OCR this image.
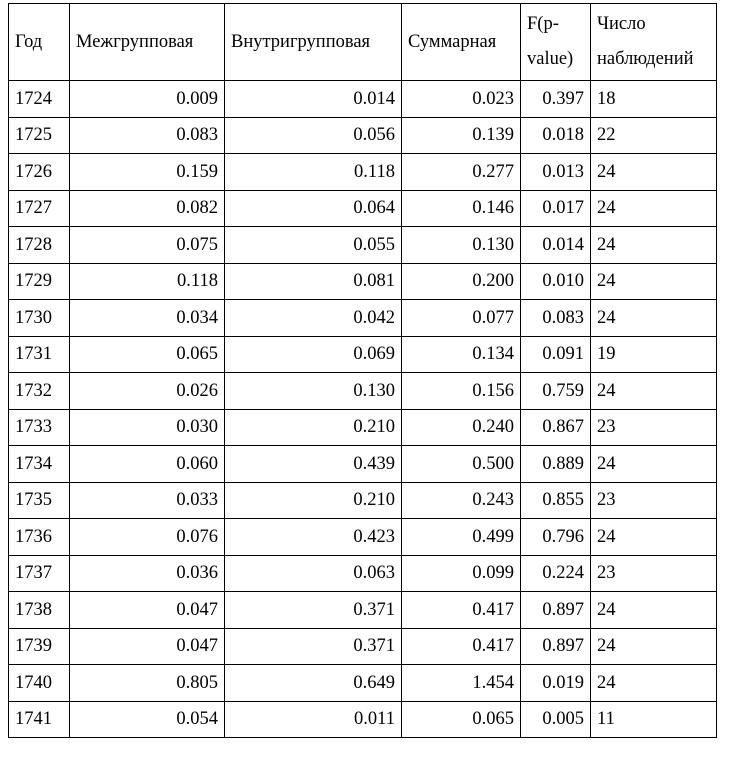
Год	Межгрупповая	Внутригрупповая	Суммарная	F(p-value)	Число наблюдений
1724	0.009	0.014	0.023	0.397	18
1725	0.083	0.056	0.139	0.018	22
1726	0.159	0.118	0.277	0.013	24
1727	0.082	0.064	0.146	0.017	24
1728	0.075	0.055	0.130	0.014	24
1729	0.118	0.081	0.200	0.010	24
1730	0.034	0.042	0.077	0.083	24
1731	0.065	0.069	0.134	0.091	19
1732	0.026	0.130	0.156	0.759	24
1733	0.030	0.210	0.240	0.867	23
1734	0.060	0.439	0.500	0.889	24
1735	0.033	0.210	0.243	0.855	23
1736	0.076	0.423	0.499	0.796	24
1737	0.036	0.063	0.099	0.224	23
1738	0.047	0.371	0.417	0.897	24
1739	0.047	0.371	0.417	0.897	24
1740	0.805	0.649	1.454	0.019	24
1741	0.054	0.011	0.065	0.005	11
